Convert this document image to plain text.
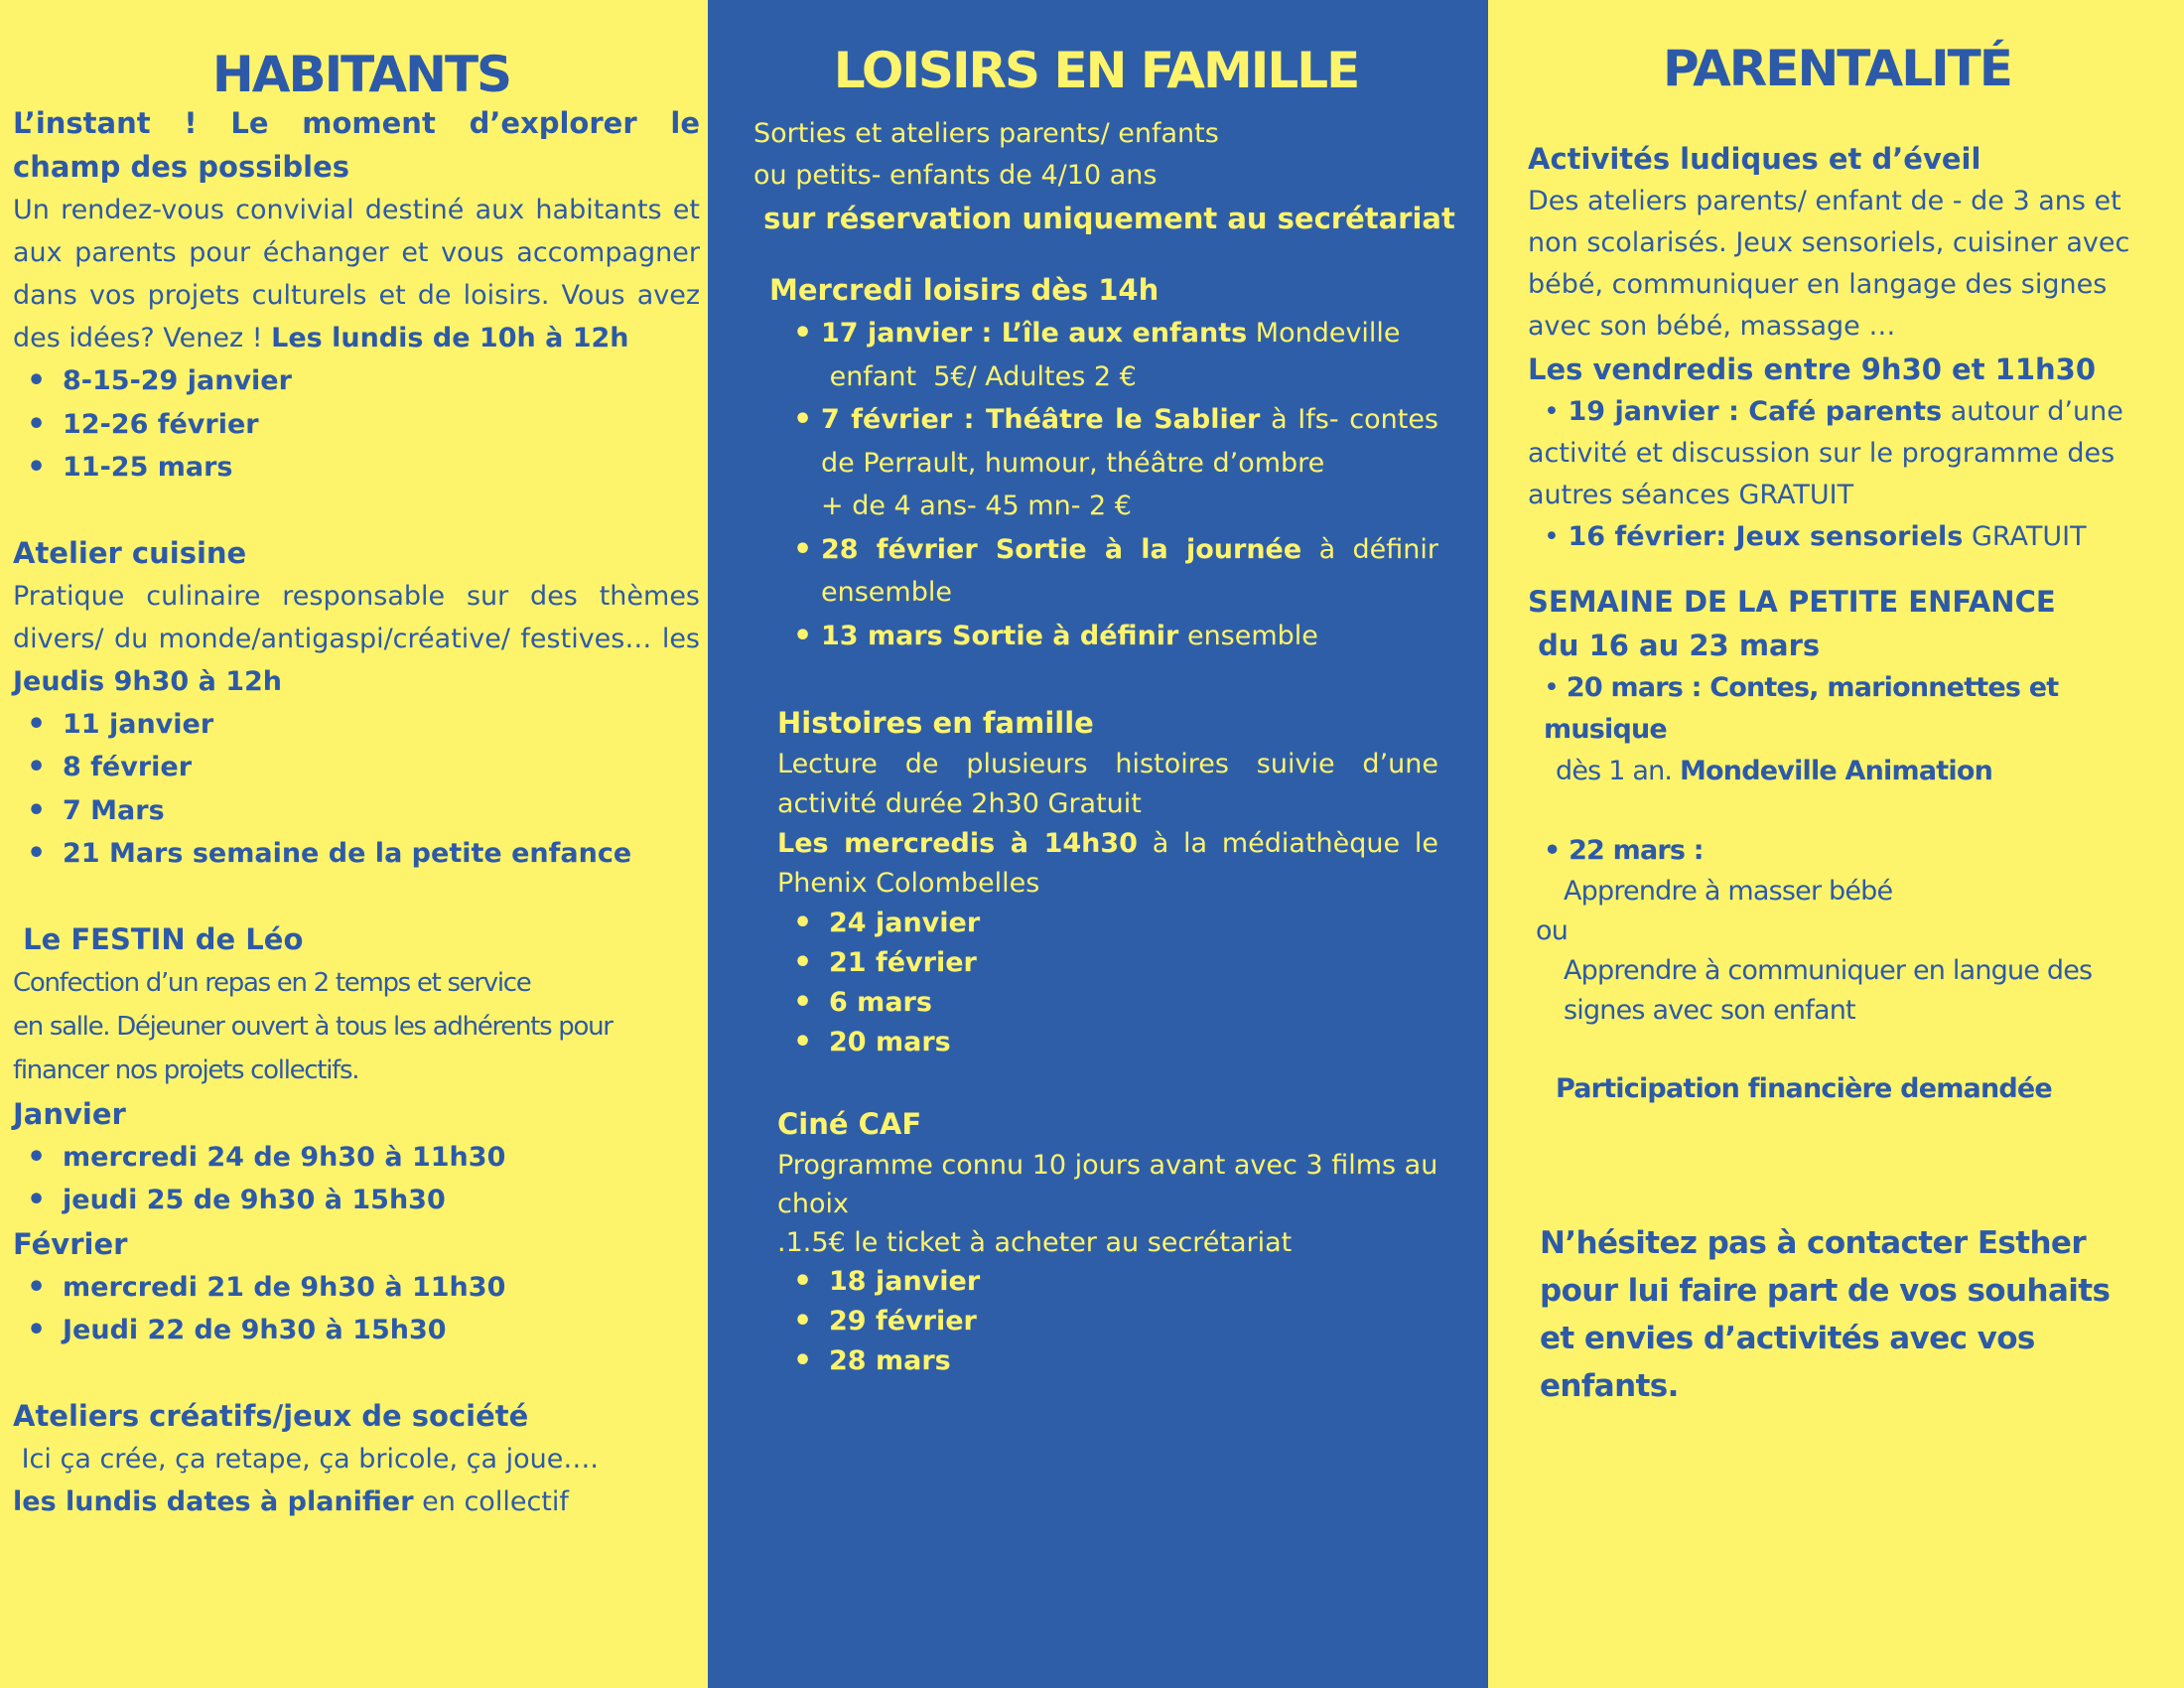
HABITANTS
L’instant ! Le moment d’explorer le champ des possibles
Un rendez-vous convivial destiné aux habitants et aux parents pour échanger et vous accompagner dans vos projets culturels et de loisirs. Vous avez des idées? Venez ! Les lundis de 10h à 12h
• 8-15-29 janvier
• 12-26 février
• 11-25 mars
Atelier cuisine
Pratique culinaire responsable sur des thèmes divers/ du monde/antigaspi/créative/ festives… les Jeudis 9h30 à 12h
• 11 janvier
• 8 février
• 7 Mars
• 21 Mars semaine de la petite enfance
Le FESTIN de Léo
Confection d’un repas en 2 temps et service
en salle. Déjeuner ouvert à tous les adhérents pour financer nos projets collectifs.
Janvier
• mercredi 24 de 9h30 à 11h30
• jeudi 25 de 9h30 à 15h30
Février
• mercredi 21 de 9h30 à 11h30
• Jeudi 22 de 9h30 à 15h30
Ateliers créatifs/jeux de société
Ici ça crée, ça retape, ça bricole, ça joue….
les lundis dates à planifier en collectif
LOISIRS EN FAMILLE
Sorties et ateliers parents/ enfants
ou petits- enfants de 4/10 ans
sur réservation uniquement au secrétariat
Mercredi loisirs dès 14h
• 17 janvier : L’île aux enfants Mondeville
enfant  5€/ Adultes 2 €
• 7 février : Théâtre le Sablier à Ifs- contes de Perrault, humour, théâtre d’ombre
+ de 4 ans- 45 mn- 2 €
• 28 février Sortie à la journée à définir ensemble
• 13 mars Sortie à définir ensemble
Histoires en famille
Lecture de plusieurs histoires suivie d’une activité durée 2h30 Gratuit
Les mercredis à 14h30 à la médiathèque le Phenix Colombelles
• 24 janvier
• 21 février
• 6 mars
• 20 mars
Ciné CAF
Programme connu 10 jours avant avec 3 films au choix
.1.5€ le ticket à acheter au secrétariat
• 18 janvier
• 29 février
• 28 mars
PARENTALITÉ
Activités ludiques et d’éveil
Des ateliers parents/ enfant de - de 3 ans et non scolarisés. Jeux sensoriels, cuisiner avec bébé, communiquer en langage des signes avec son bébé, massage …
Les vendredis entre 9h30 et 11h30
• 19 janvier : Café parents autour d’une activité et discussion sur le programme des autres séances GRATUIT
• 16 février: Jeux sensoriels GRATUIT
SEMAINE DE LA PETITE ENFANCE
du 16 au 23 mars
• 20 mars : Contes, marionnettes et musique
dès 1 an. Mondeville Animation
• 22 mars :
Apprendre à masser bébé
ou
Apprendre à communiquer en langue des signes avec son enfant
Participation financière demandée
N’hésitez pas à contacter Esther
pour lui faire part de vos souhaits
et envies d’activités avec vos enfants.
